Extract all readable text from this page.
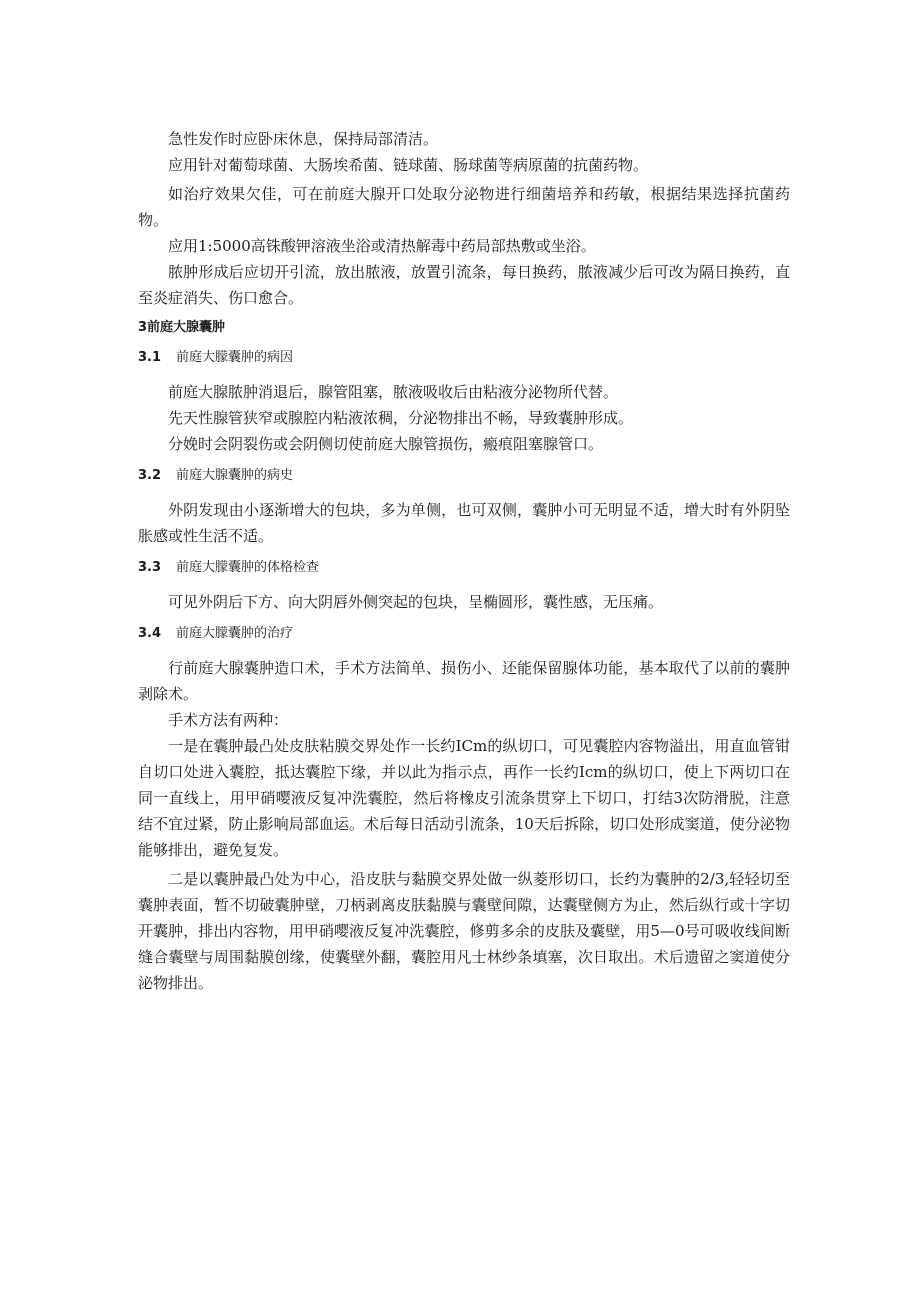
急性发作时应卧床休息，保持局部清洁。

应用针对葡萄球菌、大肠埃希菌、链球菌、肠球菌等病原菌的抗菌药物。

如治疗效果欠佳，可在前庭大腺开口处取分泌物进行细菌培养和药敏，根据结果选择抗菌药物。

应用1:5000高铢酸钾溶液坐浴或清热解毒中药局部热敷或坐浴。

脓肿形成后应切开引流，放出脓液，放置引流条，每日换药，脓液减少后可改为隔日换药，直至炎症消失、伤口愈合。

3前庭大腺囊肿
3.1	前庭大朦囊肿的病因

前庭大腺脓肿消退后，腺管阻塞，脓液吸收后由粘液分泌物所代替。

先天性腺管狭窄或腺腔内粘液浓稠，分泌物排出不畅，导致囊肿形成。

分娩时会阴裂伤或会阴侧切使前庭大腺管损伤，瘢痕阻塞腺管口。

3.2	前庭大腺囊肿的病史

外阴发现由小逐渐增大的包块，多为单侧，也可双侧，囊肿小可无明显不适，增大时有外阴坠胀感或性生活不适。

3.3	前庭大朦囊肿的体格检查

可见外阴后下方、向大阴唇外侧突起的包块，呈椭圆形，囊性感，无压痛。

3.4	前庭大朦囊肿的治疗

行前庭大腺囊肿造口术，手术方法简单、损伤小、还能保留腺体功能，基本取代了以前的囊肿剥除术。

手术方法有两种：

一是在囊肿最凸处皮肤粘膜交界处作一长约ICm的纵切口，可见囊腔内容物溢出，用直血管钳自切口处进入囊腔，抵达囊腔下缘，并以此为指示点，再作一长约Icm的纵切口，使上下两切口在同一直线上，用甲硝嘤液反复冲洗囊腔，然后将橡皮引流条贯穿上下切口，打结3次防滑脱，注意结不宜过紧，防止影响局部血运。术后每日活动引流条，10天后拆除，切口处形成窦道，使分泌物能够排出，避免复发。

二是以囊肿最凸处为中心，沿皮肤与黏膜交界处做一纵菱形切口，长约为囊肿的2/3,轻轻切至囊肿表面，暂不切破囊肿壁，刀柄剥离皮肤黏膜与囊壁间隙，达囊壁侧方为止，然后纵行或十字切开囊肿，排出内容物，用甲硝嘤液反复冲洗囊腔，修剪多余的皮肤及囊壁，用5—0号可吸收线间断缝合囊壁与周围黏膜创缘，使囊壁外翻，囊腔用凡士林纱条填塞，次日取出。术后遗留之窦道使分泌物排出。
